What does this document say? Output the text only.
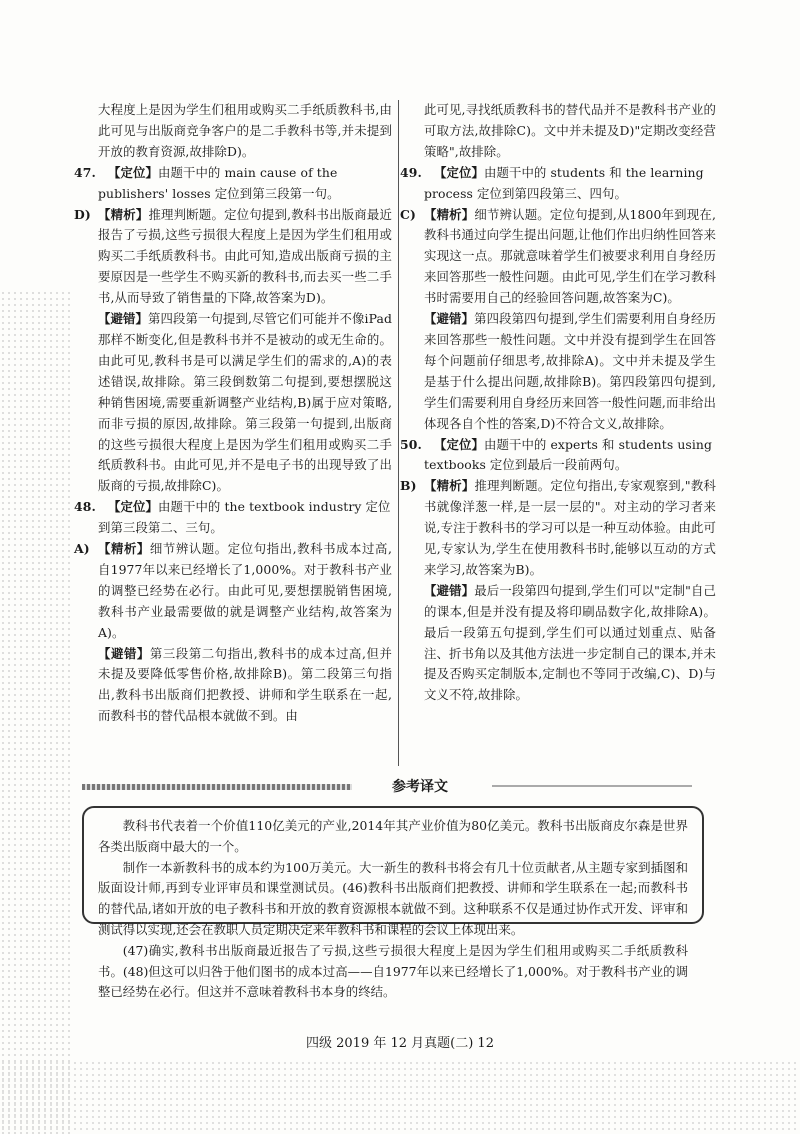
大程度上是因为学生们租用或购买二手纸质教科书,由此可见与出版商竞争客户的是二手教科书等,并未提到开放的教育资源,故排除D)。
47. 【定位】由题干中的 main cause of the publishers' losses 定位到第三段第一句。
D) 【精析】推理判断题。定位句提到,教科书出版商最近报告了亏损,这些亏损很大程度上是因为学生们租用或购买二手纸质教科书。由此可知,造成出版商亏损的主要原因是一些学生不购买新的教科书,而去买一些二手书,从而导致了销售量的下降,故答案为D)。
【避错】第四段第一句提到,尽管它们可能并不像iPad那样不断变化,但是教科书并不是被动的或无生命的。由此可见,教科书是可以满足学生们的需求的,A)的表述错误,故排除。第三段倒数第二句提到,要想摆脱这种销售困境,需要重新调整产业结构,B)属于应对策略,而非亏损的原因,故排除。第三段第一句提到,出版商的这些亏损很大程度上是因为学生们租用或购买二手纸质教科书。由此可见,并不是电子书的出现导致了出版商的亏损,故排除C)。
48. 【定位】由题干中的 the textbook industry 定位到第三段第二、三句。
A) 【精析】细节辨认题。定位句指出,教科书成本过高,自1977年以来已经增长了1,000%。对于教科书产业的调整已经势在必行。由此可见,要想摆脱销售困境,教科书产业最需要做的就是调整产业结构,故答案为A)。
【避错】第三段第二句指出,教科书的成本过高,但并未提及要降低零售价格,故排除B)。第二段第三句指出,教科书出版商们把教授、讲师和学生联系在一起,而教科书的替代品根本就做不到。由
此可见,寻找纸质教科书的替代品并不是教科书产业的可取方法,故排除C)。文中并未提及D)"定期改变经营策略",故排除。
49. 【定位】由题干中的 students 和 the learning process 定位到第四段第三、四句。
C) 【精析】细节辨认题。定位句提到,从1800年到现在,教科书通过向学生提出问题,让他们作出归纳性回答来实现这一点。那就意味着学生们被要求利用自身经历来回答那些一般性问题。由此可见,学生们在学习教科书时需要用自己的经验回答问题,故答案为C)。
【避错】第四段第四句提到,学生们需要利用自身经历来回答那些一般性问题。文中并没有提到学生在回答每个问题前仔细思考,故排除A)。文中并未提及学生是基于什么提出问题,故排除B)。第四段第四句提到,学生们需要利用自身经历来回答一般性问题,而非给出体现各自个性的答案,D)不符合文义,故排除。
50. 【定位】由题干中的 experts 和 students using textbooks 定位到最后一段前两句。
B) 【精析】推理判断题。定位句指出,专家观察到,"教科书就像洋葱一样,是一层一层的"。对主动的学习者来说,专注于教科书的学习可以是一种互动体验。由此可见,专家认为,学生在使用教科书时,能够以互动的方式来学习,故答案为B)。
【避错】最后一段第四句提到,学生们可以"定制"自己的课本,但是并没有提及将印刷品数字化,故排除A)。最后一段第五句提到,学生们可以通过划重点、贴备注、折书角以及其他方法进一步定制自己的课本,并未提及否购买定制版本,定制也不等同于改编,C)、D)与文义不符,故排除。
参考译文

教科书代表着一个价值110亿美元的产业,2014年其产业价值为80亿美元。教科书出版商皮尔森是世界各类出版商中最大的一个。

制作一本新教科书的成本约为100万美元。大一新生的教科书将会有几十位贡献者,从主题专家到插图和版面设计师,再到专业评审员和课堂测试员。(46)教科书出版商们把教授、讲师和学生联系在一起;而教科书的替代品,诸如开放的电子教科书和开放的教育资源根本就做不到。这种联系不仅是通过协作式开发、评审和测试得以实现,还会在教职人员定期决定来年教科书和课程的会议上体现出来。

(47)确实,教科书出版商最近报告了亏损,这些亏损很大程度上是因为学生们租用或购买二手纸质教科书。(48)但这可以归咎于他们图书的成本过高——自1977年以来已经增长了1,000%。对于教科书产业的调整已经势在必行。但这并不意味着教科书本身的终结。

四级 2019 年 12 月真题(二) 12
